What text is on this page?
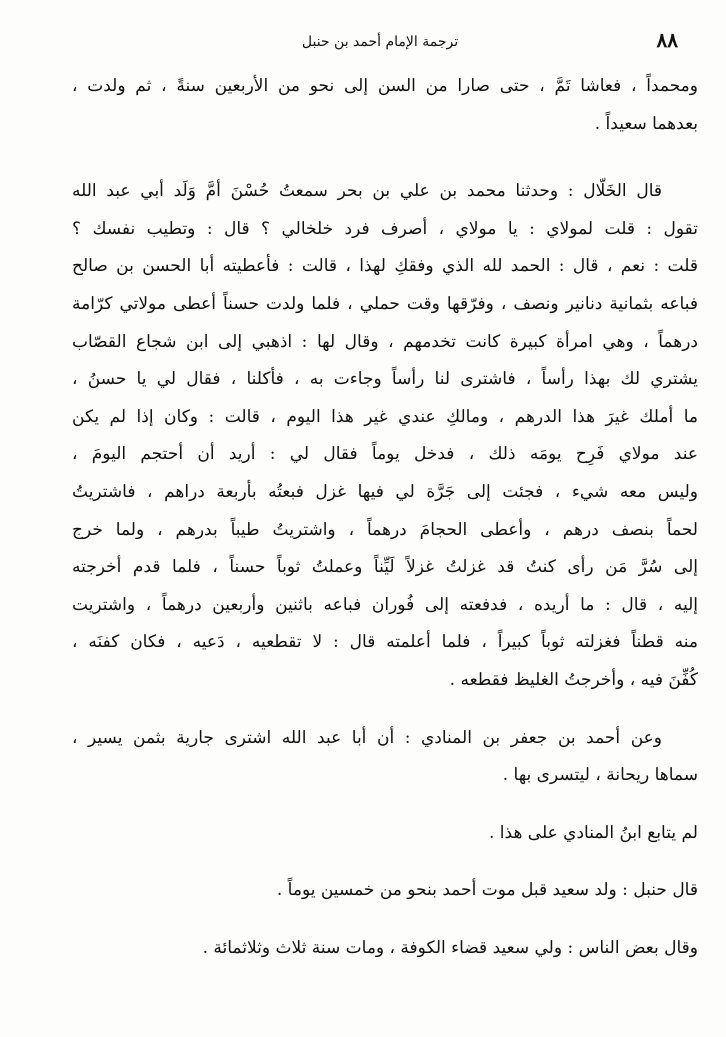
٨٨
ترجمة الإمام أحمد بن حنبل

ومحمداً ، فعاشا تَمَّ ، حتى صارا من السن إلى نحو من الأربعين سنةً ، ثم ولدت ،
بعدهما سعيداً .

قال الخَلّال : وحدثنا محمد بن علي بن بحر سمعتُ حُسْنَ أمَّ وَلَد أبي عبد الله
تقول : قلت لمولاي : يا مولاي ، أصرف فرد خلخالي ؟ قال : وتطيب نفسك ؟
قلت : نعم ، قال : الحمد لله الذي وفقكِ لهذا ، قالت : فأعطيته أبا الحسن بن صالح
فباعه بثمانية دنانير ونصف ، وفرّقها وقت حملي ، فلما ولدت حسناً أعطى مولاتي كرّامة
درهماً ، وهي امرأة كبيرة كانت تخدمهم ، وقال لها : اذهبي إلى ابن شجاع القصّاب
يشتري لك بهذا رأساً ، فاشترى لنا رأساً وجاءت به ، فأكلنا ، فقال لي يا حسنُ ،
ما أملك غيرَ هذا الدرهم ، ومالكِ عندي غير هذا اليوم ، قالت : وكان إذا لم يكن
عند مولاي فَرِح يومَه ذلك ، فدخل يوماً فقال لي : أريد أن أحتجم اليومَ ،
وليس معه شيء ، فجئت إلى جَرَّة لي فيها غزل فبعتُه بأربعة دراهم ، فاشتريتُ
لحماً بنصف درهم ، وأعطى الحجامَ درهماً ، واشتريتُ طيباً بدرهم ، ولما خرج
إلى سُرَّ مَن رأى كنتُ قد غزلتُ غزلاً لَيِّناً وعملتُ ثوباً حسناً ، فلما قدم أخرجته
إليه ، قال : ما أريده ، فدفعته إلى فُوران فباعه باثنين وأربعين درهماً ، واشتريت
منه قطناً فغزلته ثوباً كبيراً ، فلما أعلمته قال : لا تقطعيه ، دَعيه ، فكان كفنَه ،
كُفِّنَ فيه ، وأخرجتُ الغليظ فقطعه .

وعن أحمد بن جعفر بن المنادي : أن أبا عبد الله اشترى جارية بثمن يسير ،
سماها ريحانة ، ليتسرى بها .

لم يتابع ابنُ المنادي على هذا .

قال حنبل : ولد سعيد قبل موت أحمد بنحو من خمسين يوماً .

وقال بعض الناس : ولي سعيد قضاء الكوفة ، ومات سنة ثلاث وثلاثمائة .
